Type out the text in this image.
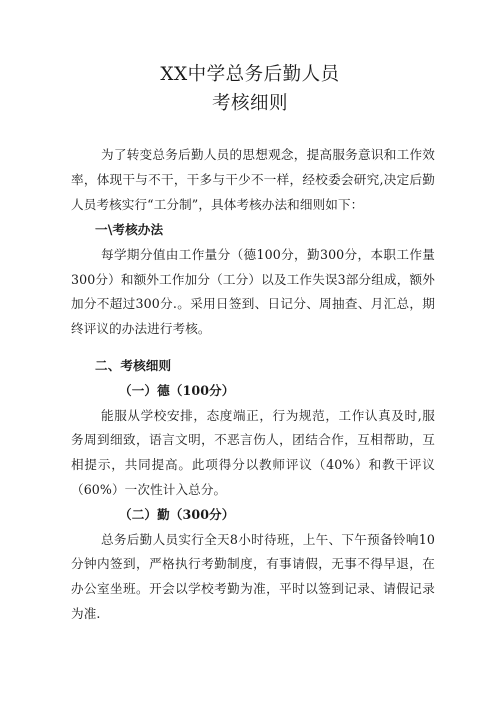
XX中学总务后勤人员
考核细则

为了转变总务后勤人员的思想观念，提高服务意识和工作效率，体现干与不干，干多与干少不一样，经校委会研究,决定后勤人员考核实行“工分制”，具体考核办法和细则如下：

一\考核办法

每学期分值由工作量分（德100分，勤300分，本职工作量300分）和额外工作加分（工分）以及工作失误3部分组成，额外加分不超过300分.。采用日签到、日记分、周抽查、月汇总，期终评议的办法进行考核。

二、考核细则

（一）德（100分）

能服从学校安排，态度端正，行为规范，工作认真及时,服务周到细致，语言文明，不恶言伤人，团结合作，互相帮助，互相提示，共同提高。此项得分以教师评议（40%）和教干评议（60%）一次性计入总分。

（二）勤（300分）

总务后勤人员实行全天8小时待班，上午、下午预备铃响10分钟内签到，严格执行考勤制度，有事请假，无事不得早退，在办公室坐班。开会以学校考勤为准，平时以签到记录、请假记录为准.
